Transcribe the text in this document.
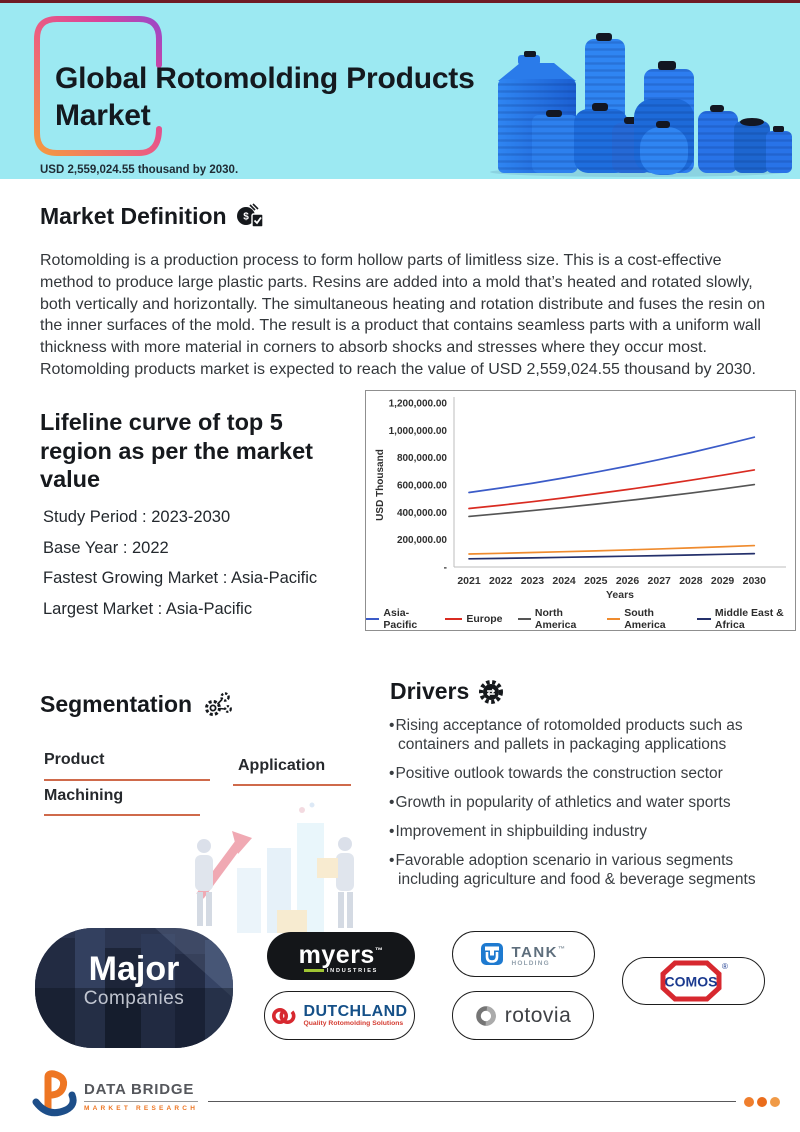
Global Rotomolding Products
Market
USD 2,559,024.55 thousand by 2030.
Market Definition $

Rotomolding is a production process to form hollow parts of limitless size. This is a cost-effective method to produce large plastic parts. Resins are added into a mold that’s heated and rotated slowly, both vertically and horizontally. The simultaneous heating and rotation distribute and fuses the resin on the inner surfaces of the mold. The result is a product that contains seamless parts with a uniform wall thickness with more material in corners to absorb shocks and stresses where they occur most. Rotomolding products market is expected to reach the value of USD 2,559,024.55 thousand by 2030.

Lifeline curve of top 5 region as per the market value
Study Period : 2023-2030
Base Year : 2022
Fastest Growing Market : Asia-Pacific
Largest Market : Asia-Pacific
-
200,000.00
400,000.00
600,000.00
800,000.00
1,000,000.00
1,200,000.00
USD Thousand
2021 2022 2023 2024 2025 2026 2027 2028 2029 2030
Years
Asia-Pacific	Europe	North America
South America
Middle East & Africa
Segmentation
Product	Application
Machining
Drivers ⇄
• Rising acceptance of rotomolded products such as containers and pallets in packaging applications
• Positive outlook towards the construction sector
• Growth in popularity of athletics and water sports
• Improvement in shipbuilding industry
• Favorable adoption scenario in various segments including agriculture and food & beverage segments
Major
Companies
myers™
INDUSTRIES
TANK™
HOLDING
COMOS
®
DUTCHLAND
Quality Rotomolding Solutions	rotovia
DATA BRIDGE
MARKET RESEARCH
